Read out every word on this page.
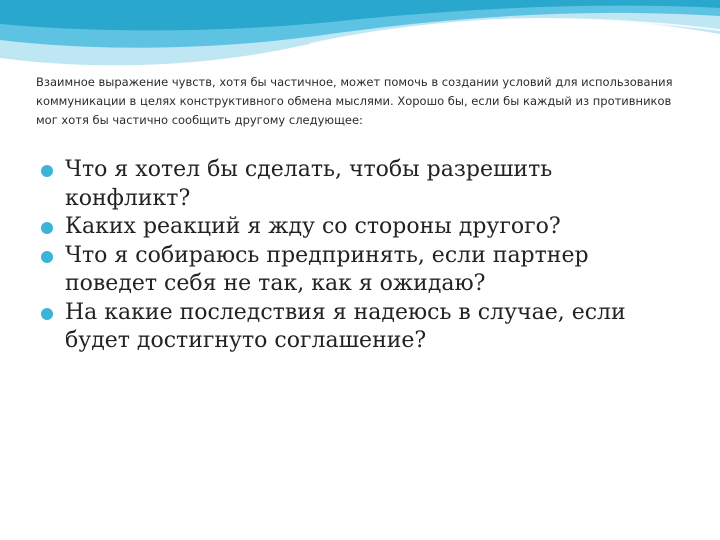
Взаимное выражение чувств, хотя бы частичное, может помочь в создании условий для использования коммуникации в целях конструктивного обмена мыслями. Хорошо бы, если бы каждый из противников мог хотя бы частично сообщить другому следующее:

Что я хотел бы сделать, чтобы разрешить конфликт?
Каких реакций я жду со стороны другого?
Что я собираюсь предпринять, если партнер поведет себя не так, как я ожидаю?
На какие последствия я надеюсь в случае, если будет достигнуто соглашение?
